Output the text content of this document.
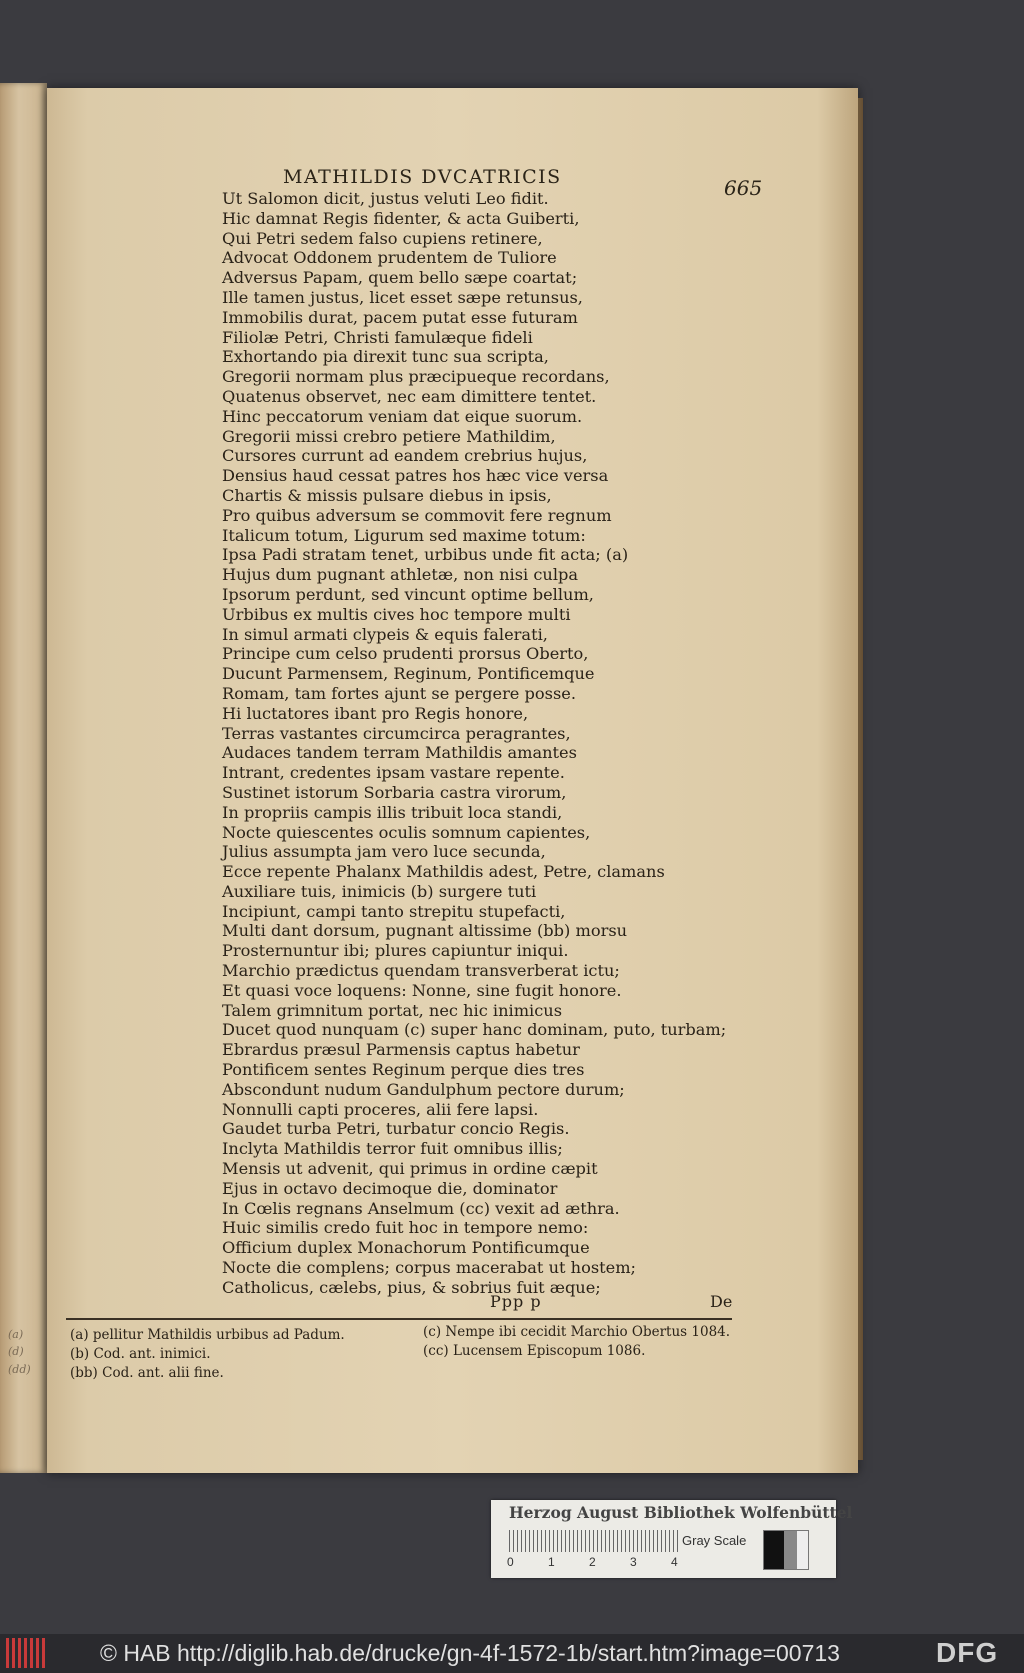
(a)
(d)
(dd)
MATHILDIS DVCATRICIS	665
Ut Salomon dicit, justus veluti Leo fidit.
Hic damnat Regis fidenter, & acta Guiberti,
Qui Petri sedem falso cupiens retinere,
Advocat Oddonem prudentem de Tuliore
Adversus Papam, quem bello sæpe coartat;
Ille tamen justus, licet esset sæpe retunsus,
Immobilis durat, pacem putat esse futuram
Filiolæ Petri, Christi famulæque fideli
Exhortando pia direxit tunc sua scripta,
Gregorii normam plus præcipueque recordans,
Quatenus observet, nec eam dimittere tentet.
Hinc peccatorum veniam dat eique suorum.
Gregorii missi crebro petiere Mathildim,
Cursores currunt ad eandem crebrius hujus,
Densius haud cessat patres hos hæc vice versa
Chartis & missis pulsare diebus in ipsis,
Pro quibus adversum se commovit fere regnum
Italicum totum, Ligurum sed maxime totum:
Ipsa Padi stratam tenet, urbibus unde fit acta; (a)
Hujus dum pugnant athletæ, non nisi culpa
Ipsorum perdunt, sed vincunt optime bellum,
Urbibus ex multis cives hoc tempore multi
In simul armati clypeis & equis falerati,
Principe cum celso prudenti prorsus Oberto,
Ducunt Parmensem, Reginum, Pontificemque
Romam, tam fortes ajunt se pergere posse.
Hi luctatores ibant pro Regis honore,
Terras vastantes circumcirca peragrantes,
Audaces tandem terram Mathildis amantes
Intrant, credentes ipsam vastare repente.
Sustinet istorum Sorbaria castra virorum,
In propriis campis illis tribuit loca standi,
Nocte quiescentes oculis somnum capientes,
Julius assumpta jam vero luce secunda,
Ecce repente Phalanx Mathildis adest, Petre, clamans
Auxiliare tuis, inimicis (b) surgere tuti
Incipiunt, campi tanto strepitu stupefacti,
Multi dant dorsum, pugnant altissime (bb) morsu
Prosternuntur ibi; plures capiuntur iniqui.
Marchio prædictus quendam transverberat ictu;
Et quasi voce loquens: Nonne, sine fugit honore.
Talem grimnitum portat, nec hic inimicus
Ducet quod nunquam (c) super hanc dominam, puto, turbam;
Ebrardus præsul Parmensis captus habetur
Pontificem sentes Reginum perque dies tres
Abscondunt nudum Gandulphum pectore durum;
Nonnulli capti proceres, alii fere lapsi.
Gaudet turba Petri, turbatur concio Regis.
Inclyta Mathildis terror fuit omnibus illis;
Mensis ut advenit, qui primus in ordine cæpit
Ejus in octavo decimoque die, dominator
In Cœlis regnans Anselmum (cc) vexit ad æthra.
Huic similis credo fuit hoc in tempore nemo:
Officium duplex Monachorum Pontificumque
Nocte die complens; corpus macerabat ut hostem;
Catholicus, cælebs, pius, & sobrius fuit æque;
Ppp p	De
(a) pellitur Mathildis urbibus ad Padum.
(b) Cod. ant. inimici.
(bb) Cod. ant. alii fine.
(c) Nempe ibi cecidit Marchio Obertus 1084.
(cc) Lucensem Episcopum 1086.
Herzog August Bibliothek Wolfenbüttel
0	1	2	3	4
Gray Scale
© HAB http://diglib.hab.de/drucke/gn-4f-1572-1b/start.htm?image=00713	DFG
